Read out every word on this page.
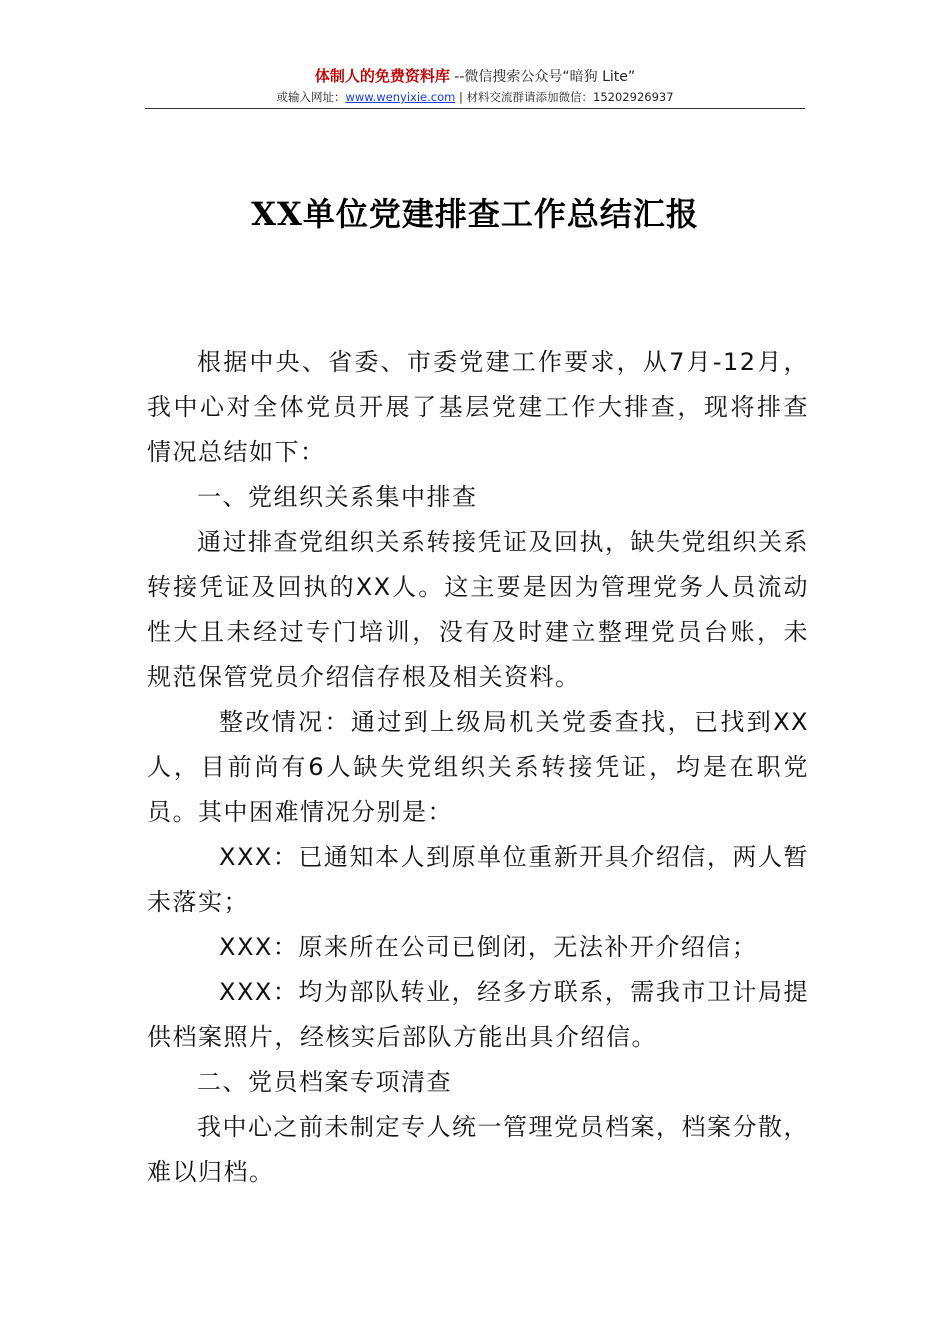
体制人的免费资料库 --微信搜索公众号“暗狗 Lite”
或输入网址：www.wenyixie.com | 材料交流群请添加微信：15202926937
XX单位党建排查工作总结汇报

根据中央、省委、市委党建工作要求，从7月-12月，我中心对全体党员开展了基层党建工作大排查，现将排查情况总结如下：

一、党组织关系集中排查

通过排查党组织关系转接凭证及回执，缺失党组织关系转接凭证及回执的XX人。这主要是因为管理党务人员流动性大且未经过专门培训，没有及时建立整理党员台账，未规范保管党员介绍信存根及相关资料。

整改情况：通过到上级局机关党委查找，已找到XX人，目前尚有6人缺失党组织关系转接凭证，均是在职党员。其中困难情况分别是：

XXX：已通知本人到原单位重新开具介绍信，两人暂未落实；

XXX：原来所在公司已倒闭，无法补开介绍信；

XXX：均为部队转业，经多方联系，需我市卫计局提供档案照片，经核实后部队方能出具介绍信。

二、党员档案专项清查

我中心之前未制定专人统一管理党员档案，档案分散，难以归档。
